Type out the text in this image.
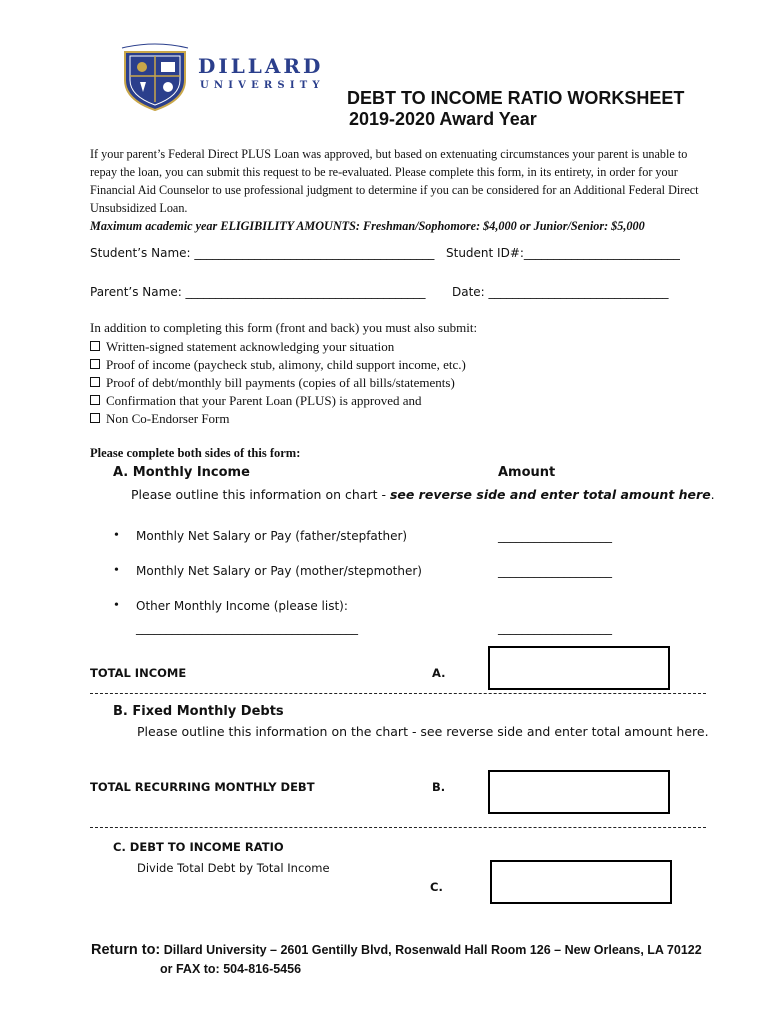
DILLARD
UNIVERSITY
DEBT TO INCOME RATIO WORKSHEET
2019-2020 Award Year
If your parent’s Federal Direct PLUS Loan was approved, but based on extenuating circumstances your parent is unable to repay the loan, you can submit this request to be re-evaluated. Please complete this form, in its entirety, in order for your Financial Aid Counselor to use professional judgment to determine if you can be considered for an Additional Federal Direct Unsubsidized Loan.
Maximum academic year ELIGIBILITY AMOUNTS: Freshman/Sophomore: $4,000 or Junior/Senior: $5,000
Student’s Name: ________________________________________ Student ID#:__________________________
Parent’s Name: ________________________________________ Date: ______________________________
In addition to completing this form (front and back) you must also submit:
Written-signed statement acknowledging your situation
Proof of income (paycheck stub, alimony, child support income, etc.)
Proof of debt/monthly bill payments (copies of all bills/statements)
Confirmation that your Parent Loan (PLUS) is approved and
Non Co-Endorser Form
Please complete both sides of this form:
A. Monthly Income	Amount
Please outline this information on chart - see reverse side and enter total amount here.
• Monthly Net Salary or Pay (father/stepfather)	___________________
• Monthly Net Salary or Pay (mother/stepmother)	___________________
• Other Monthly Income (please list):
_____________________________________	___________________
TOTAL INCOME	A.
B. Fixed Monthly Debts
Please outline this information on the chart - see reverse side and enter total amount here.
TOTAL RECURRING MONTHLY DEBT	B.
C. DEBT TO INCOME RATIO
Divide Total Debt by Total Income
C.
Return to: Dillard University – 2601 Gentilly Blvd, Rosenwald Hall Room 126 – New Orleans, LA 70122
or FAX to: 504-816-5456
